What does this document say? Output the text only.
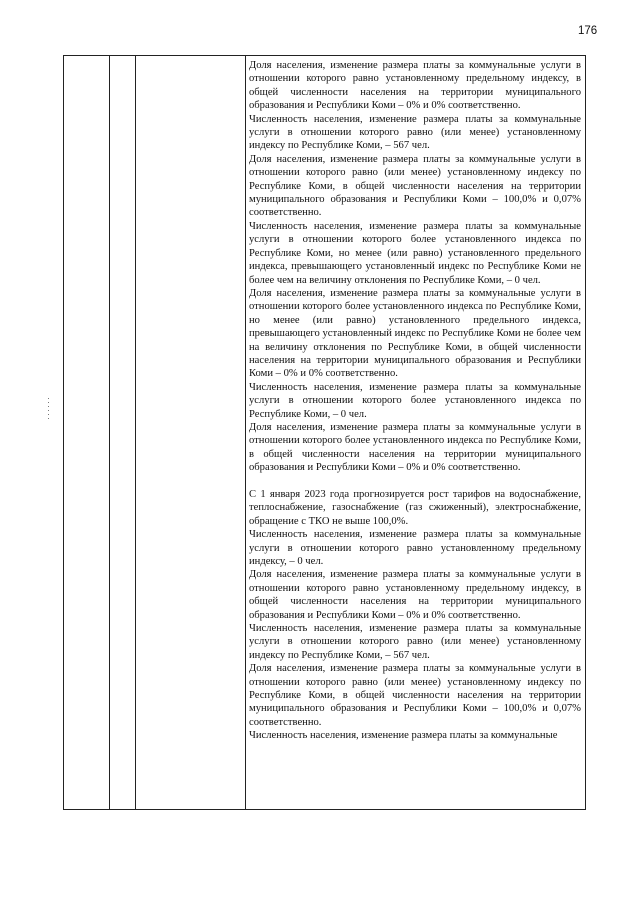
176

Доля населения, изменение размера платы за коммунальные услуги в отношении которого равно установленному предельному индексу, в общей численности населения на территории муниципального образования и Республики Коми – 0% и 0% соответственно.

Численность населения, изменение размера платы за коммунальные услуги в отношении которого равно (или менее) установленному индексу по Республике Коми, – 567 чел.

Доля населения, изменение размера платы за коммунальные услуги в отношении которого равно (или менее) установленному индексу по Республике Коми, в общей численности населения на территории муниципального образования и Республики Коми – 100,0% и 0,07% соответственно.

Численность населения, изменение размера платы за коммунальные услуги в отношении которого более установленного индекса по Республике Коми, но менее (или равно) установленного предельного индекса, превышающего установленный индекс по Республике Коми не более чем на величину отклонения по Республике Коми, – 0 чел.

Доля населения, изменение размера платы за коммунальные услуги в отношении которого более установленного индекса по Республике Коми, но менее (или равно) установленного предельного индекса, превышающего установленный индекс по Республике Коми не более чем на величину отклонения по Республике Коми, в общей численности населения на территории муниципального образования и Республики Коми – 0% и 0% соответственно.

Численность населения, изменение размера платы за коммунальные услуги в отношении которого более установленного индекса по Республике Коми, – 0 чел.

Доля населения, изменение размера платы за коммунальные услуги в отношении которого более установленного индекса по Республике Коми, в общей численности населения на территории муниципального образования и Республики Коми – 0% и 0% соответственно.

С 1 января 2023 года прогнозируется рост тарифов на водоснабжение, теплоснабжение, газоснабжение (газ сжиженный), электроснабжение, обращение с ТКО не выше 100,0%.

Численность населения, изменение размера платы за коммунальные услуги в отношении которого равно установленному предельному индексу, – 0 чел.

Доля населения, изменение размера платы за коммунальные услуги в отношении которого равно установленному предельному индексу, в общей численности населения на территории муниципального образования и Республики Коми – 0% и 0% соответственно.

Численность населения, изменение размера платы за коммунальные услуги в отношении которого равно (или менее) установленному индексу по Республике Коми, – 567 чел.

Доля населения, изменение размера платы за коммунальные услуги в отношении которого равно (или менее) установленному индексу по Республике Коми, в общей численности населения на территории муниципального образования и Республики Коми – 100,0% и 0,07% соответственно.

Численность населения, изменение размера платы за коммунальные
